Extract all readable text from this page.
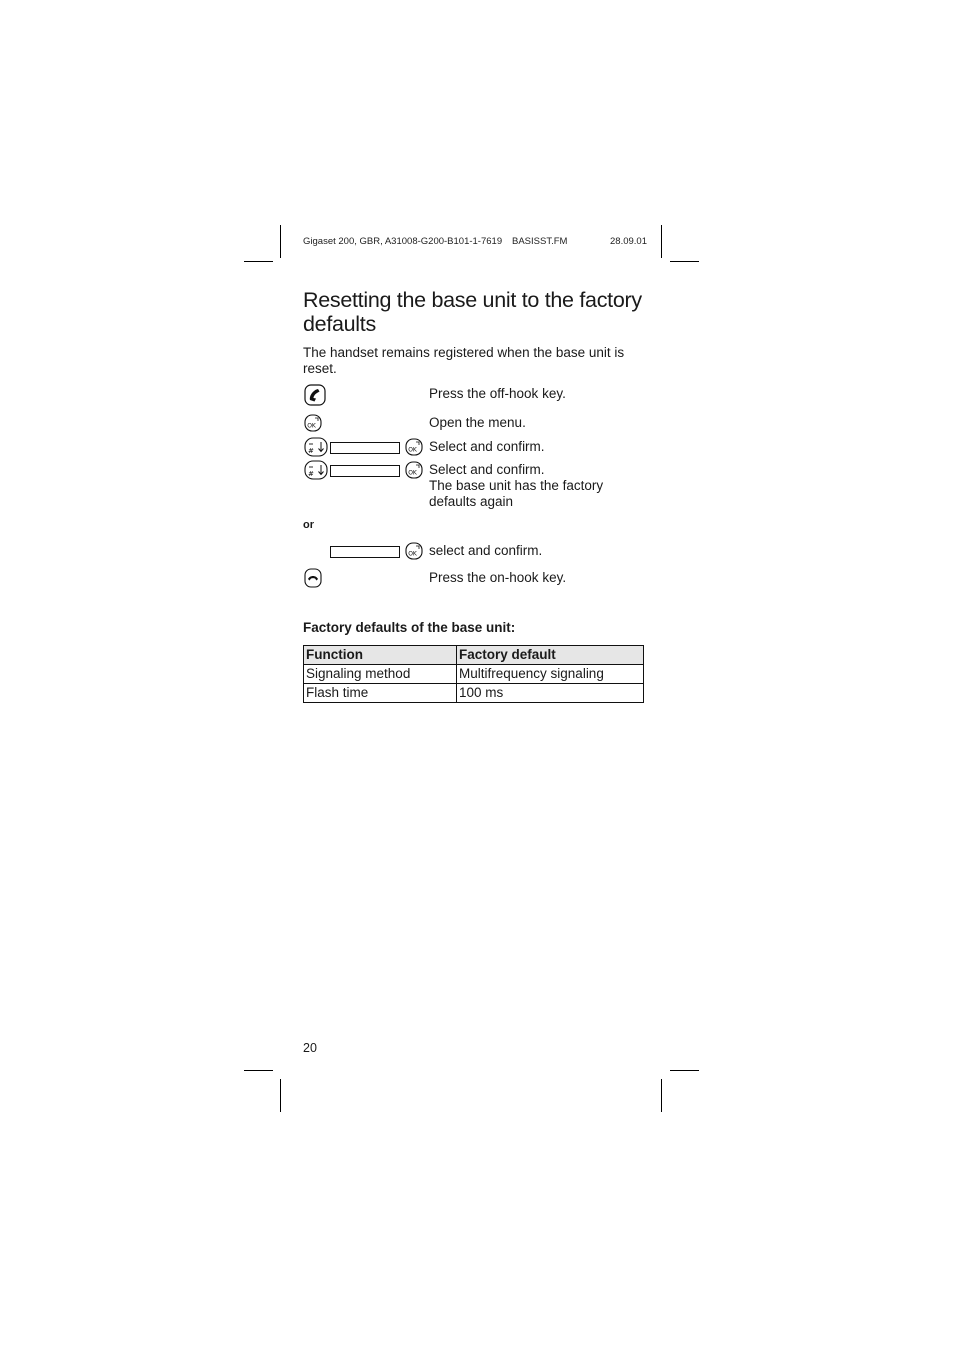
Gigaset 200, GBR, A31008-G200-B101-1-7619 BASISST.FM	28.09.01
Resetting the base unit to the factory defaults

The handset remains registered when the base unit is reset.

Press the off-hook key.
OK	Open the menu.
#	OK Select and confirm.
#	OK Select and confirm.
The base unit has the factory defaults again
or
OK select and confirm.
Press the on-hook key.
Factory defaults of the base unit:
Function	Factory default
Signaling method	Multifrequency signaling
Flash time	100 ms
20
